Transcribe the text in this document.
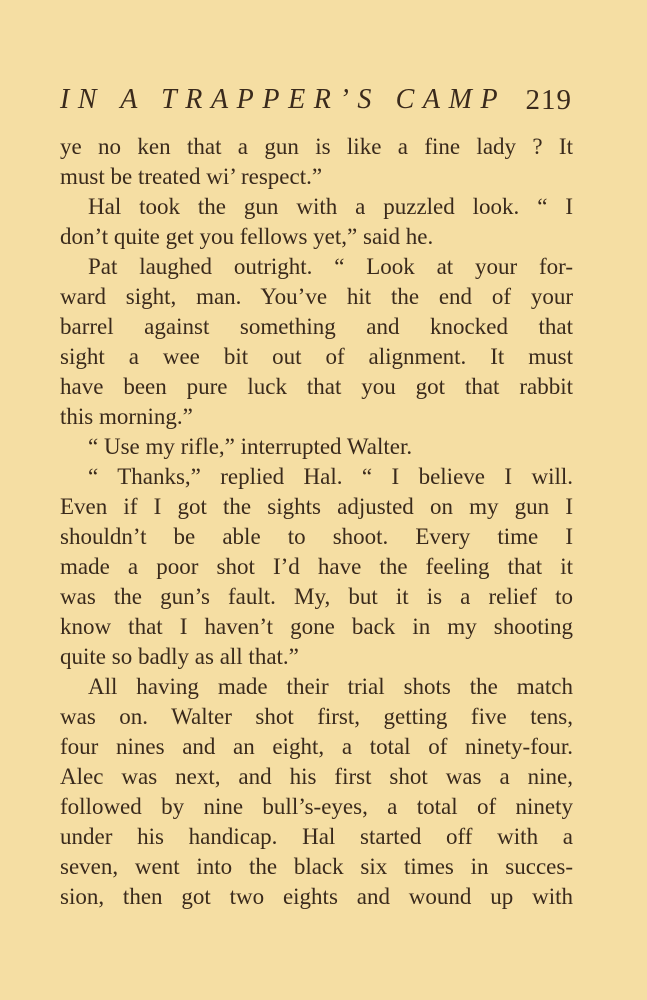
IN A TRAPPER’S CAMP 219
ye no ken that a gun is like a fine lady ? It
must be treated wi’ respect.”
Hal took the gun with a puzzled look. “ I
don’t quite get you fellows yet,” said he.
Pat laughed outright. “ Look at your for-
ward sight, man. You’ve hit the end of your
barrel against something and knocked that
sight a wee bit out of alignment. It must
have been pure luck that you got that rabbit
this morning.”
“ Use my rifle,” interrupted Walter.
“ Thanks,” replied Hal. “ I believe I will.
Even if I got the sights adjusted on my gun I
shouldn’t be able to shoot. Every time I
made a poor shot I’d have the feeling that it
was the gun’s fault. My, but it is a relief to
know that I haven’t gone back in my shooting
quite so badly as all that.”
All having made their trial shots the match
was on. Walter shot first, getting five tens,
four nines and an eight, a total of ninety-four.
Alec was next, and his first shot was a nine,
followed by nine bull’s-eyes, a total of ninety
under his handicap. Hal started off with a
seven, went into the black six times in succes-
sion, then got two eights and wound up with
